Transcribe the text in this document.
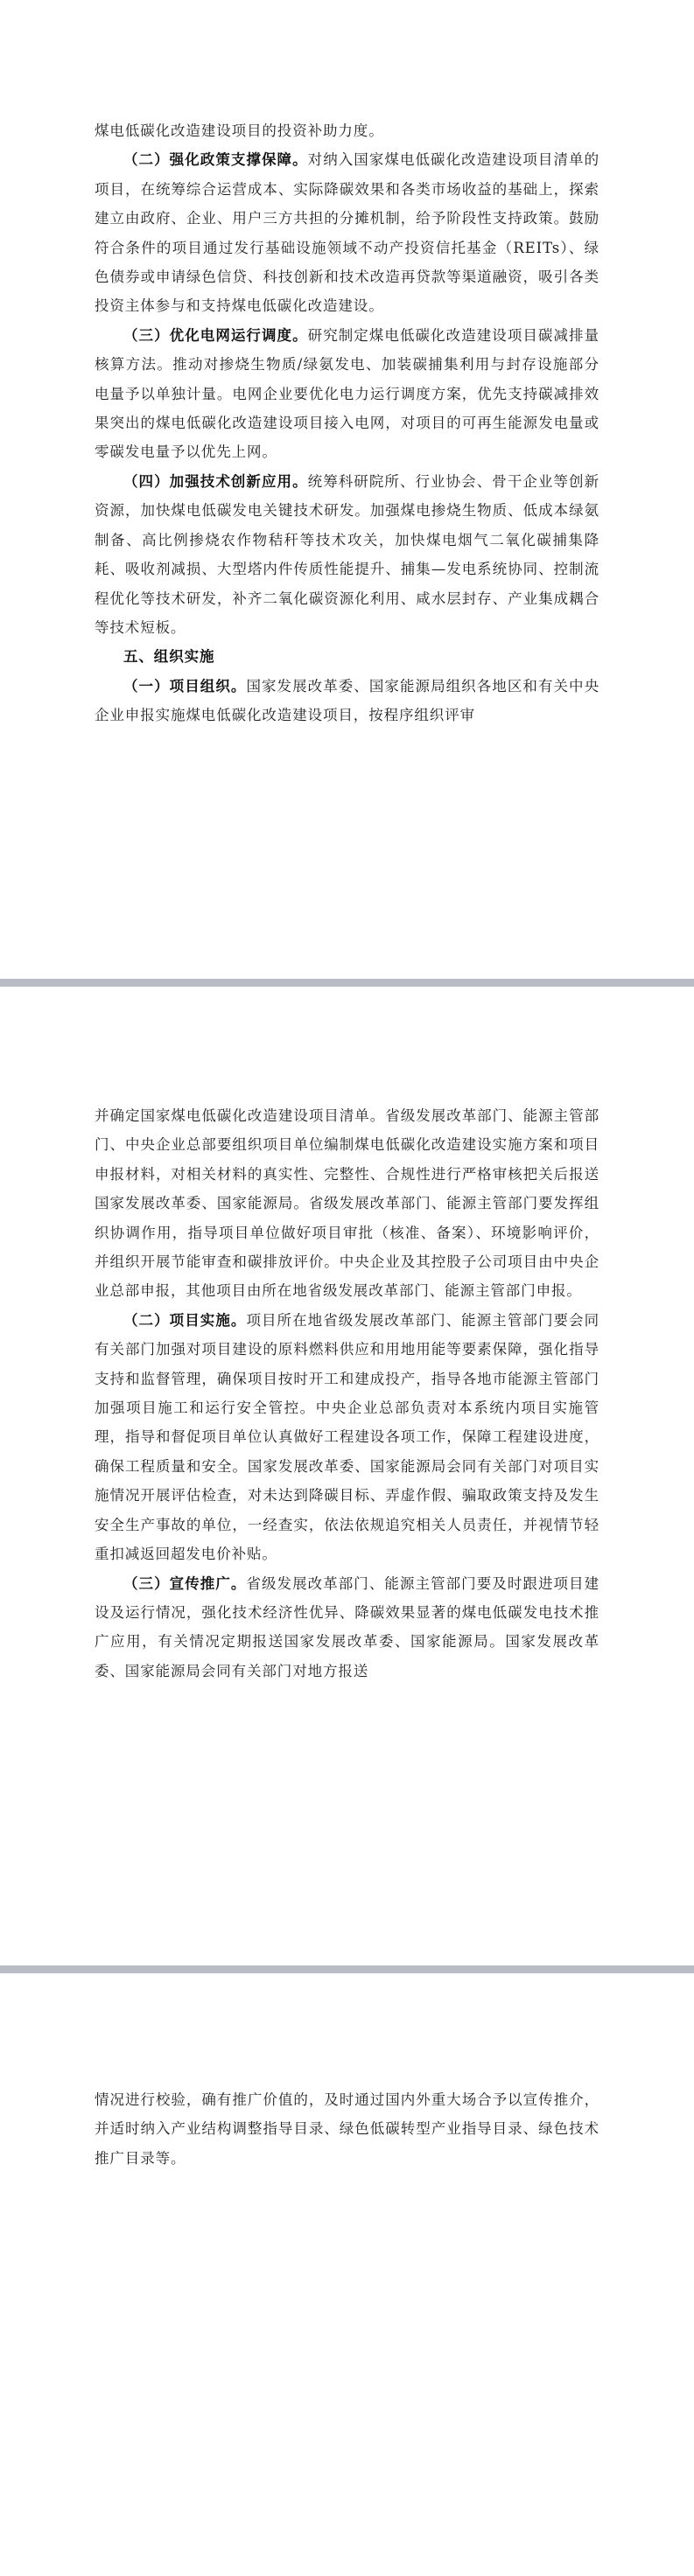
煤电低碳化改造建设项目的投资补助力度。

（二）强化政策支撑保障。对纳入国家煤电低碳化改造建设项目清单的项目，在统筹综合运营成本、实际降碳效果和各类市场收益的基础上，探索建立由政府、企业、用户三方共担的分摊机制，给予阶段性支持政策。鼓励符合条件的项目通过发行基础设施领域不动产投资信托基金（REITs）、绿色债券或申请绿色信贷、科技创新和技术改造再贷款等渠道融资，吸引各类投资主体参与和支持煤电低碳化改造建设。

（三）优化电网运行调度。研究制定煤电低碳化改造建设项目碳减排量核算方法。推动对掺烧生物质/绿氨发电、加装碳捕集利用与封存设施部分电量予以单独计量。电网企业要优化电力运行调度方案，优先支持碳减排效果突出的煤电低碳化改造建设项目接入电网，对项目的可再生能源发电量或零碳发电量予以优先上网。

（四）加强技术创新应用。统筹科研院所、行业协会、骨干企业等创新资源，加快煤电低碳发电关键技术研发。加强煤电掺烧生物质、低成本绿氨制备、高比例掺烧农作物秸秆等技术攻关，加快煤电烟气二氧化碳捕集降耗、吸收剂减损、大型塔内件传质性能提升、捕集—发电系统协同、控制流程优化等技术研发，补齐二氧化碳资源化利用、咸水层封存、产业集成耦合等技术短板。

五、组织实施

（一）项目组织。国家发展改革委、国家能源局组织各地区和有关中央企业申报实施煤电低碳化改造建设项目，按程序组织评审

并确定国家煤电低碳化改造建设项目清单。省级发展改革部门、能源主管部门、中央企业总部要组织项目单位编制煤电低碳化改造建设实施方案和项目申报材料，对相关材料的真实性、完整性、合规性进行严格审核把关后报送国家发展改革委、国家能源局。省级发展改革部门、能源主管部门要发挥组织协调作用，指导项目单位做好项目审批（核准、备案）、环境影响评价，并组织开展节能审查和碳排放评价。中央企业及其控股子公司项目由中央企业总部申报，其他项目由所在地省级发展改革部门、能源主管部门申报。

（二）项目实施。项目所在地省级发展改革部门、能源主管部门要会同有关部门加强对项目建设的原料燃料供应和用地用能等要素保障，强化指导支持和监督管理，确保项目按时开工和建成投产，指导各地市能源主管部门加强项目施工和运行安全管控。中央企业总部负责对本系统内项目实施管理，指导和督促项目单位认真做好工程建设各项工作，保障工程建设进度，确保工程质量和安全。国家发展改革委、国家能源局会同有关部门对项目实施情况开展评估检查，对未达到降碳目标、弄虚作假、骗取政策支持及发生安全生产事故的单位，一经查实，依法依规追究相关人员责任，并视情节轻重扣减返回超发电价补贴。

（三）宣传推广。省级发展改革部门、能源主管部门要及时跟进项目建设及运行情况，强化技术经济性优异、降碳效果显著的煤电低碳发电技术推广应用，有关情况定期报送国家发展改革委、国家能源局。国家发展改革委、国家能源局会同有关部门对地方报送

情况进行校验，确有推广价值的，及时通过国内外重大场合予以宣传推介，并适时纳入产业结构调整指导目录、绿色低碳转型产业指导目录、绿色技术推广目录等。
